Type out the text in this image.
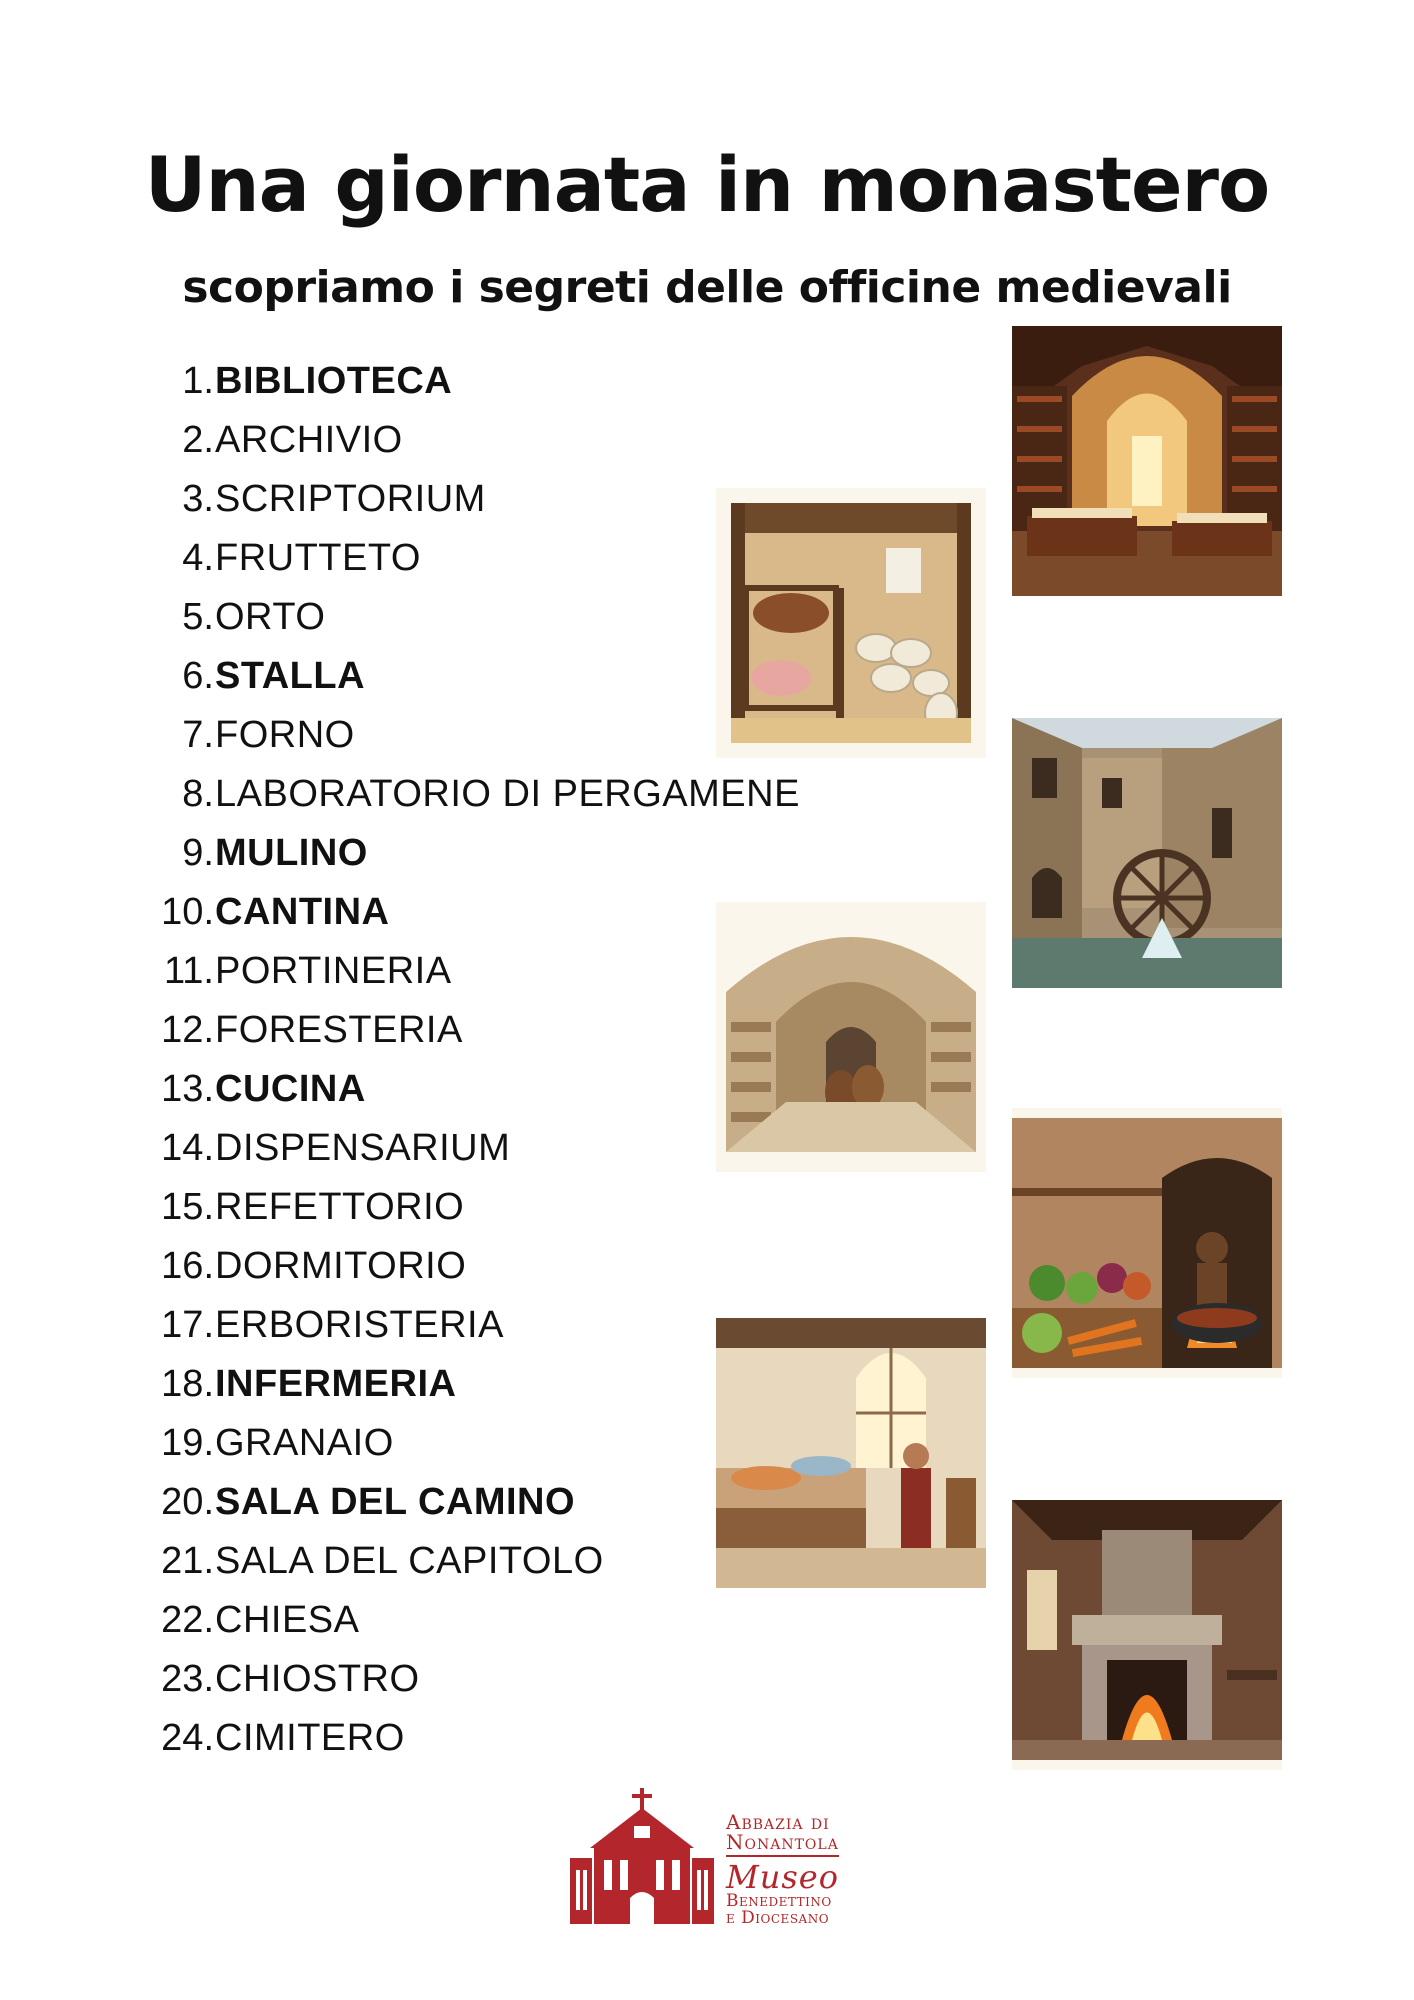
Una giornata in monastero
scopriamo i segreti delle officine medievali
1. BIBLIOTECA
2. ARCHIVIO
3. SCRIPTORIUM
4. FRUTTETO
5. ORTO
6. STALLA
7. FORNO
8. LABORATORIO DI PERGAMENE
9. MULINO
10. CANTINA
11. PORTINERIA
12. FORESTERIA
13. CUCINA
14. DISPENSARIUM
15. REFETTORIO
16. DORMITORIO
17. ERBORISTERIA
18. INFERMERIA
19. GRANAIO
20. SALA DEL CAMINO
21. SALA DEL CAPITOLO
22. CHIESA
23. CHIOSTRO
24. CIMITERO
Abbazia di
Nonantola
Museo
Benedettino
e Diocesano
